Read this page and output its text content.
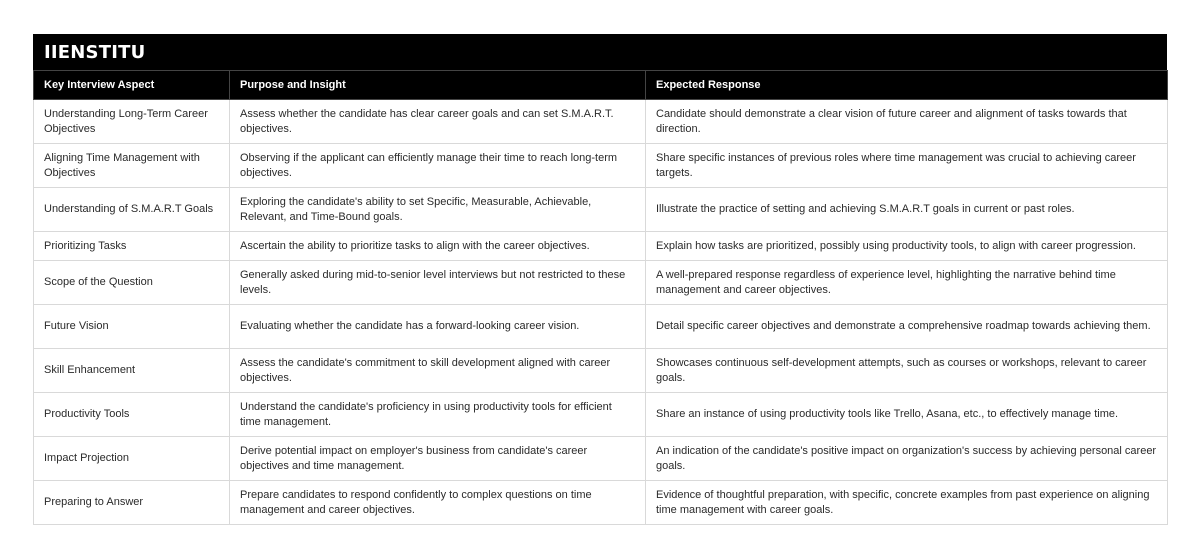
IIENSTITU
Key Interview Aspect	Purpose and Insight	Expected Response
Understanding Long-Term Career Objectives	Assess whether the candidate has clear career goals and can set S.M.A.R.T. objectives.	Candidate should demonstrate a clear vision of future career and alignment of tasks towards that direction.
Aligning Time Management with Objectives	Observing if the applicant can efficiently manage their time to reach long-term objectives.	Share specific instances of previous roles where time management was crucial to achieving career targets.
Understanding of S.M.A.R.T Goals	Exploring the candidate's ability to set Specific, Measurable, Achievable, Relevant, and Time-Bound goals.	Illustrate the practice of setting and achieving S.M.A.R.T goals in current or past roles.
Prioritizing Tasks	Ascertain the ability to prioritize tasks to align with the career objectives.	Explain how tasks are prioritized, possibly using productivity tools, to align with career progression.
Scope of the Question	Generally asked during mid-to-senior level interviews but not restricted to these levels.	A well-prepared response regardless of experience level, highlighting the narrative behind time management and career objectives.
Future Vision	Evaluating whether the candidate has a forward-looking career vision.	Detail specific career objectives and demonstrate a comprehensive roadmap towards achieving them.
Skill Enhancement	Assess the candidate's commitment to skill development aligned with career objectives.	Showcases continuous self-development attempts, such as courses or workshops, relevant to career goals.
Productivity Tools	Understand the candidate's proficiency in using productivity tools for efficient time management.	Share an instance of using productivity tools like Trello, Asana, etc., to effectively manage time.
Impact Projection	Derive potential impact on employer's business from candidate's career objectives and time management.	An indication of the candidate's positive impact on organization's success by achieving personal career goals.
Preparing to Answer	Prepare candidates to respond confidently to complex questions on time management and career objectives.	Evidence of thoughtful preparation, with specific, concrete examples from past experience on aligning time management with career goals.
